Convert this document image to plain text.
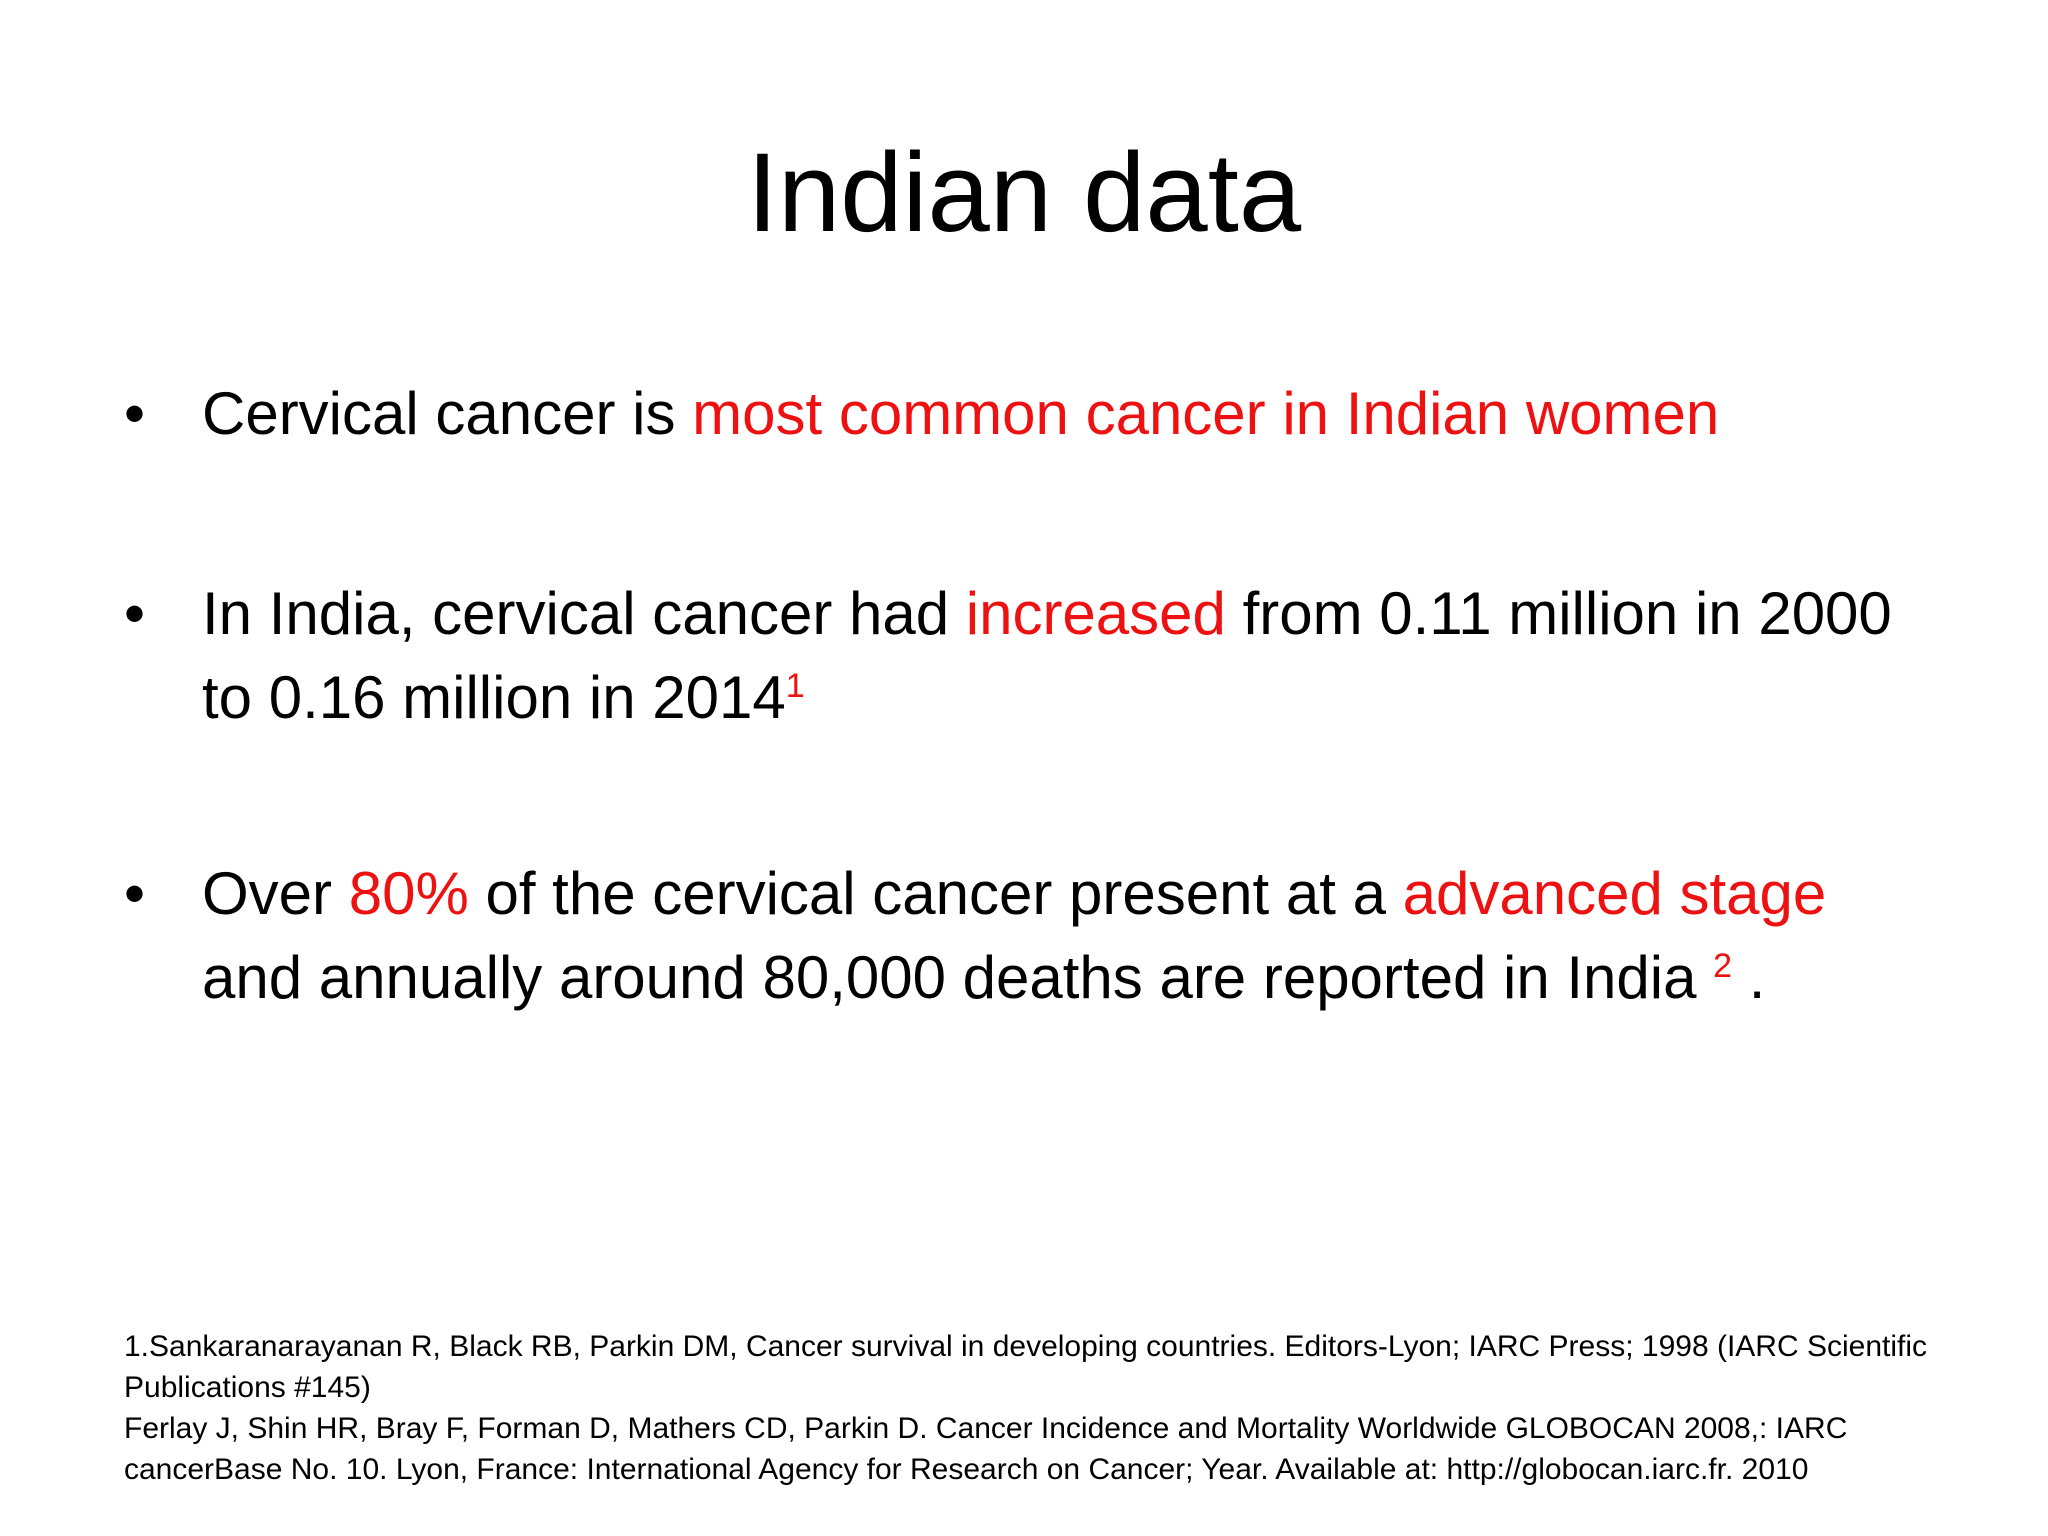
Indian data
• Cervical cancer is most common cancer in Indian women
• In India, cervical cancer had increased from 0.11 million in 2000 to 0.16 million in 2014$^1$
• Over 80% of the cervical cancer present at a advanced stage and annually around 80,000 deaths are reported in India $^2$ .
1.Sankaranarayanan R, Black RB, Parkin DM, Cancer survival in developing countries. Editors-Lyon; IARC Press; 1998 (IARC Scientific Publications #145)
Ferlay J, Shin HR, Bray F, Forman D, Mathers CD, Parkin D. Cancer Incidence and Mortality Worldwide GLOBOCAN 2008,: IARC cancerBase No. 10. Lyon, France: International Agency for Research on Cancer; Year. Available at: http://globocan.iarc.fr. 2010
